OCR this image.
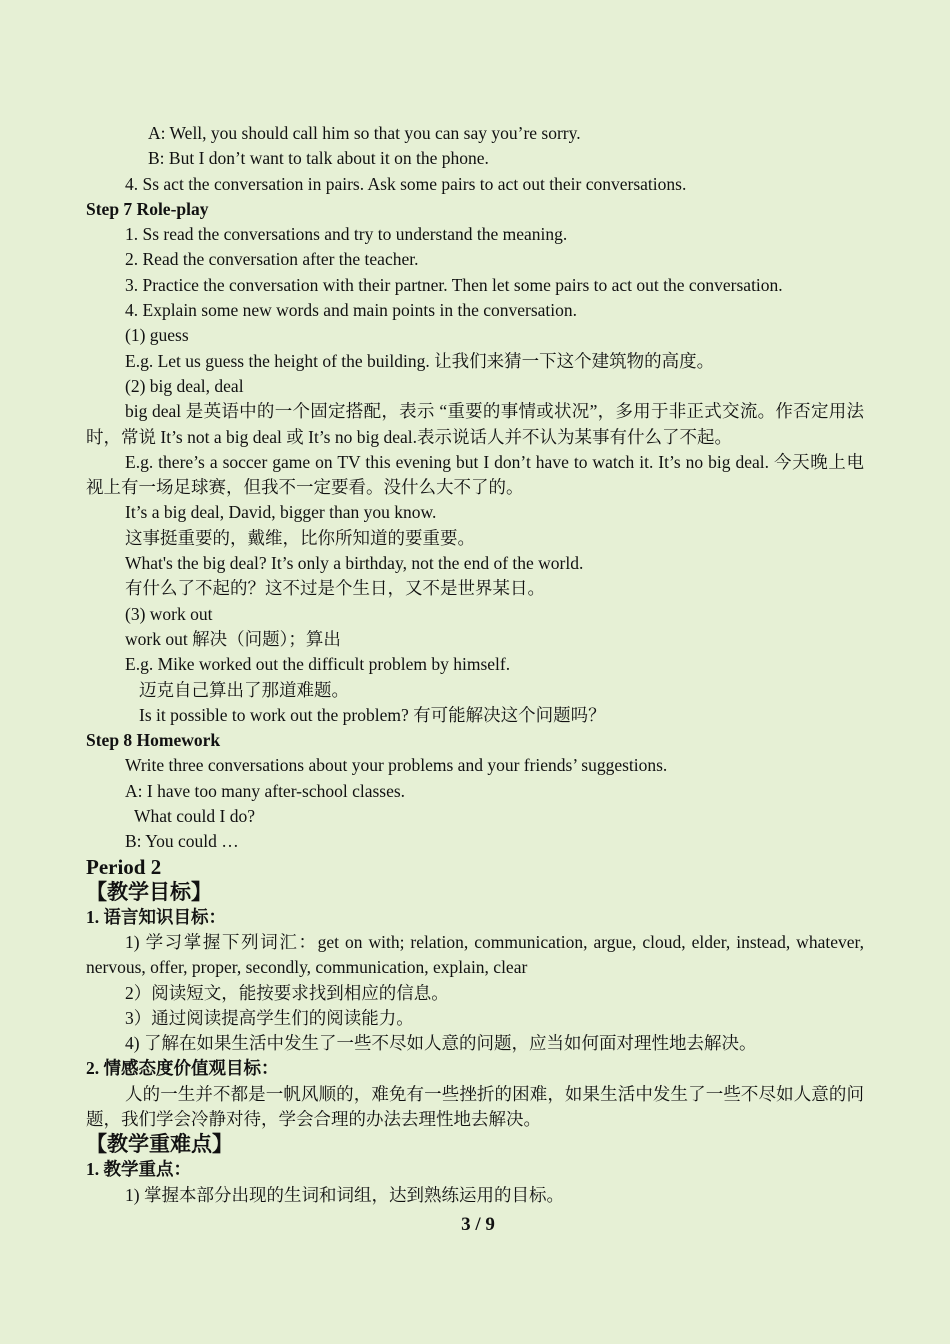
A: Well, you should call him so that you can say you’re sorry.
B: But I don’t want to talk about it on the phone.
4. Ss act the conversation in pairs. Ask some pairs to act out their conversations.
Step 7 Role-play
1. Ss read the conversations and try to understand the meaning.
2. Read the conversation after the teacher.
3. Practice the conversation with their partner. Then let some pairs to act out the conversation.
4. Explain some new words and main points in the conversation.
(1) guess
E.g. Let us guess the height of the building. 让我们来猜一下这个建筑物的高度。
(2) big deal, deal
big deal 是英语中的一个固定搭配，表示 “重要的事情或状况”，多用于非正式交流。作否定用法时，常说 It’s not a big deal 或 It’s no big deal.表示说话人并不认为某事有什么了不起。
E.g. there’s a soccer game on TV this evening but I don’t have to watch it. It’s no big deal. 今天晚上电视上有一场足球赛，但我不一定要看。没什么大不了的。
It’s a big deal, David, bigger than you know.
这事挺重要的，戴维，比你所知道的要重要。
What's the big deal? It’s only a birthday, not the end of the world.
有什么了不起的？这不过是个生日，又不是世界某日。
(3) work out
work out 解决（问题）；算出
E.g. Mike worked out the difficult problem by himself.
迈克自己算出了那道难题。
Is it possible to work out the problem? 有可能解决这个问题吗？
Step 8 Homework
Write three conversations about your problems and your friends’ suggestions.
A: I have too many after-school classes.
What could I do?
B: You could …
Period 2
【教学目标】
1. 语言知识目标：
1) 学习掌握下列词汇：get on with; relation, communication, argue, cloud, elder, instead, whatever, nervous, offer, proper, secondly, communication, explain, clear
2）阅读短文，能按要求找到相应的信息。
3）通过阅读提高学生们的阅读能力。
4) 了解在如果生活中发生了一些不尽如人意的问题，应当如何面对理性地去解决。
2. 情感态度价值观目标：
人的一生并不都是一帆风顺的，难免有一些挫折的困难，如果生活中发生了一些不尽如人意的问题，我们学会冷静对待，学会合理的办法去理性地去解决。
【教学重难点】
1. 教学重点：
1) 掌握本部分出现的生词和词组，达到熟练运用的目标。
3 / 9
